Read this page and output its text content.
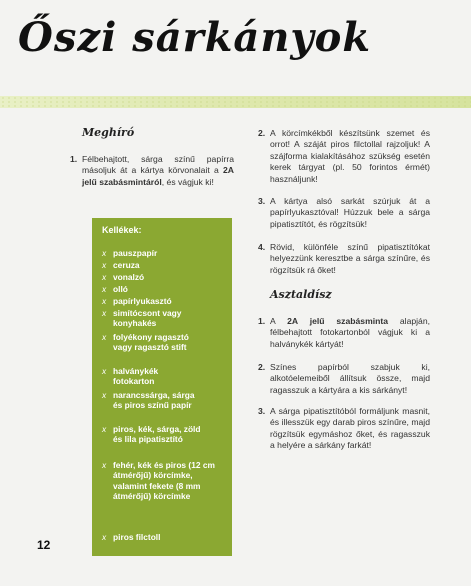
Őszi sárkányok
Meghíró
1. Félbehajtott, sárga színű papírra másoljuk át a kártya körvonalait a 2A jelű szabásmintáról, és vágjuk ki!
Kellékek:
x pauszpapír
x ceruza
x vonalzó
x olló
x papírlyukasztó
x simítócsont vagy konyhakés
x folyékony ragasztó vagy ragasztó stift
x halványkék fotokarton
x narancssárga, sárga és piros színű papír
x piros, kék, sárga, zöld és lila pipatisztító
x fehér, kék és piros (12 cm átmérőjű) körcímke, valamint fekete (8 mm átmérőjű) körcímke
x piros filctoll
12
2. A körcímkékből készítsünk szemet és orrot! A száját piros filctollal rajzoljuk! A szájforma kialakításához szükség esetén kerek tárgyat (pl. 50 forintos érmét) használjunk!
3. A kártya alsó sarkát szúrjuk át a papírlyukasztóval! Húzzuk bele a sárga pipatisztítót, és rögzítsük!
4. Rövid, különféle színű pipatisztítókat helyezzünk keresztbe a sárga színűre, és rögzítsük rá őket!
Asztaldísz
1. A 2A jelű szabásminta alapján, félbehajtott fotokartonból vágjuk ki a halványkék kártyát!
2. Színes papírból szabjuk ki, alkotóelemeiből állítsuk össze, majd ragasszuk a kártyára a kis sárkányt!
3. A sárga pipatisztítóból formáljunk masnit, és illesszük egy darab piros színűre, majd rögzítsük egymáshoz őket, és ragasszuk a helyére a sárkány farkát!
